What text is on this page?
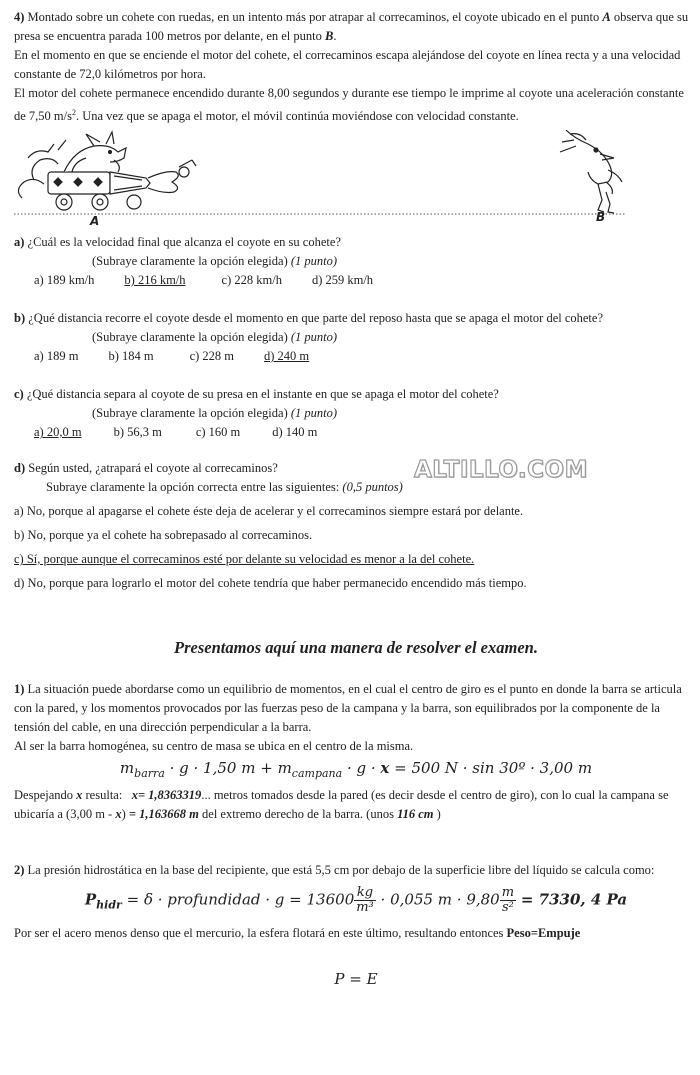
4) Montado sobre un cohete con ruedas, en un intento más por atrapar al correcaminos, el coyote ubicado en el punto A observa que su presa se encuentra parada 100 metros por delante, en el punto B.

En el momento en que se enciende el motor del cohete, el correcaminos escapa alejándose del coyote en línea recta y a una velocidad constante de 72,0 kilómetros por hora.

El motor del cohete permanece encendido durante 8,00 segundos y durante ese tiempo le imprime al coyote una aceleración constante de 7,50 $m/s^2$. Una vez que se apaga el motor, el móvil continúa moviéndose con velocidad constante.

A	B

a) ¿Cuál es la velocidad final que alcanza el coyote en su cohete?

(Subraye claramente la opción elegida) (1 punto)

a) 189 km/h b) 216 km/h	c) 228 km/h d) 259 km/h

b) ¿Qué distancia recorre el coyote desde el momento en que parte del reposo hasta que se apaga el motor del cohete?

(Subraye claramente la opción elegida) (1 punto)

a) 189 m b) 184 m	c) 228 m d) 240 m

c) ¿Qué distancia separa al coyote de su presa en el instante en que se apaga el motor del cohete?

(Subraye claramente la opción elegida) (1 punto)

a) 20,0 m	b) 56,3 m	c) 160 m	d) 140 m

d) Según usted, ¿atrapará el coyote al correcaminos?

Subraye claramente la opción correcta entre las siguientes: (0,5 puntos)

a) No, porque al apagarse el cohete éste deja de acelerar y el correcaminos siempre estará por delante.

b) No, porque ya el cohete ha sobrepasado al correcaminos.

c) Sí, porque aunque el correcaminos esté por delante su velocidad es menor a la del cohete.

d) No, porque para lograrlo el motor del cohete tendría que haber permanecido encendido más tiempo.

Presentamos aquí una manera de resolver el examen.

1) La situación puede abordarse como un equilibrio de momentos, en el cual el centro de giro es el punto en donde la barra se articula con la pared, y los momentos provocados por las fuerzas peso de la campana y la barra, son equilibrados por la componente de la tensión del cable, en una dirección perpendicular a la barra.

Al ser la barra homogénea, su centro de masa se ubica en el centro de la misma.

$m_{barra} \cdot g \cdot 1,50$ $m + m_{campana} \cdot g \cdot x = 500$ N · sin 30º · 3,00 m

Despejando x resulta: x= 1,8363319... metros tomados desde la pared (es decir desde el centro de giro), con lo cual la campana se ubicaría a (3,00 m - x) = 1,163668 m del extremo derecho de la barra. (unos 116 cm )

2) La presión hidrostática en la base del recipiente, que está 5,5 cm por debajo de la superficie libre del líquido se calcula como:

$P_{hidr} = \delta$ · profundidad · $g = 13600 \frac{kg}{\text{m³}} \cdot 0,055$ $m \cdot 9,80 \frac{m}{\text{s²}} = 7330$, 4 Pa

Por ser el acero menos denso que el mercurio, la esfera flotará en este último, resultando entonces Peso=Empuje

P = E

ALTILLO.COM
